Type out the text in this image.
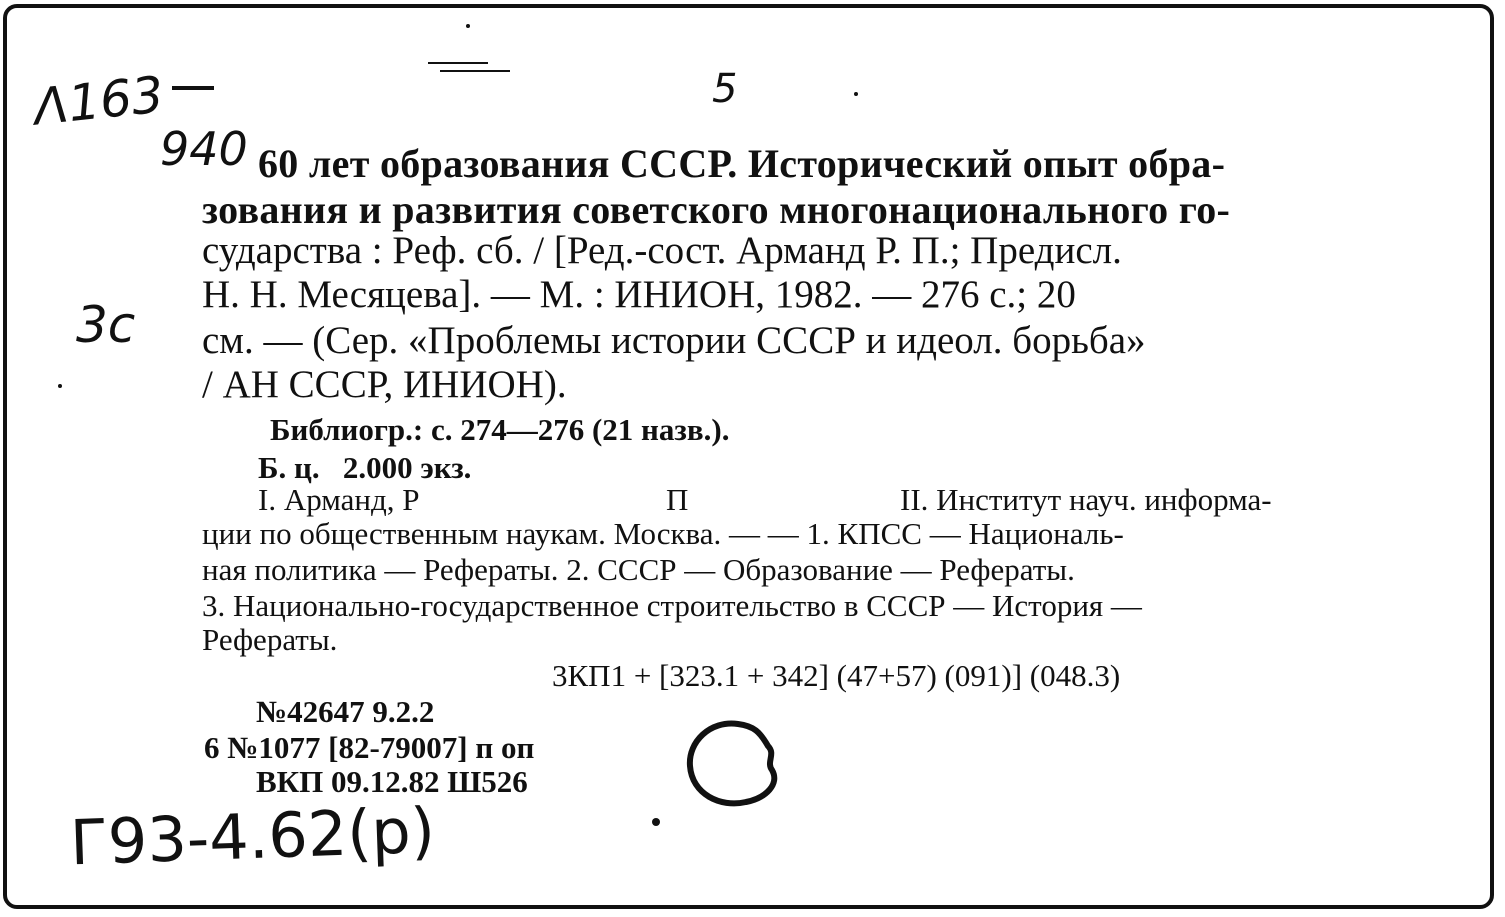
Λ163
940
5
3c
Г93-4.62(р)
60 лет образования СССР. Исторический опыт обра-
зования и развития советского многонационального го-
сударства : Реф. сб. / [Ред.-сост. Арманд Р. П.; Предисл.
Н. Н. Месяцева]. — М. : ИНИОН, 1982. — 276 с.; 20
см. — (Сер. «Проблемы истории СССР и идеол. борьба»
/ АН СССР, ИНИОН).
Библиогр.: с. 274—276 (21 назв.).
Б. ц.   2.000 экз.
I. Арманд, Р	П	II. Институт науч. информа-
ции по общественным наукам. Москва. — — 1. КПСС — Националь-
ная политика — Рефераты. 2. СССР — Образование — Рефераты.
3. Национально-государственное строительство в СССР — История —
Рефераты.
3КП1 + [323.1 + 342] (47+57) (091)] (048.3)
№42647 9.2.2
6 №1077 [82-79007] п оп
ВКП 09.12.82 Ш526
